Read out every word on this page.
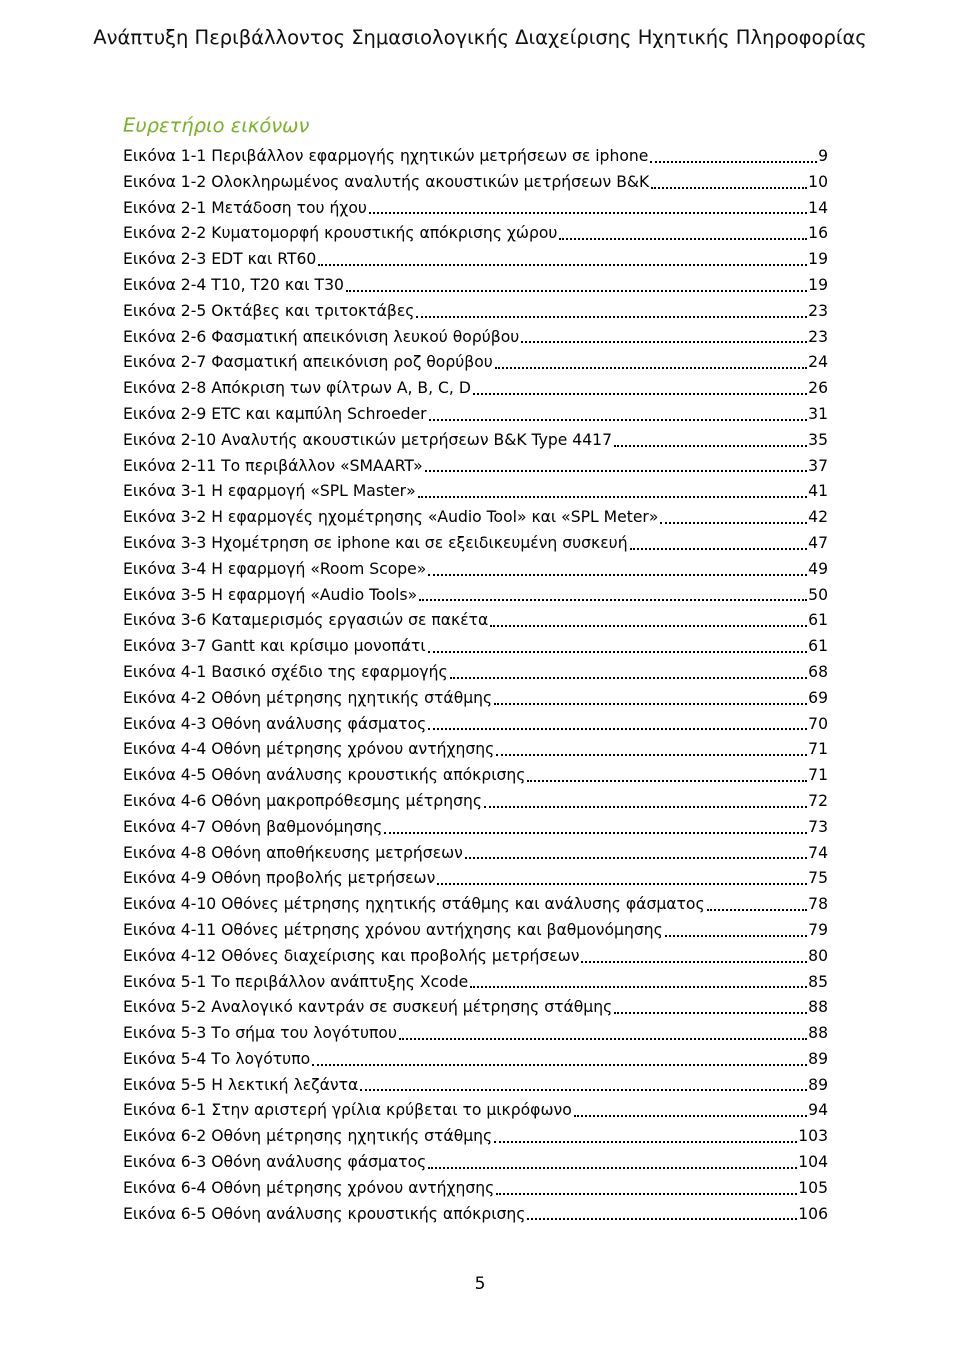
Ανάπτυξη Περιβάλλοντος Σημασιολογικής Διαχείρισης Ηχητικής Πληροφορίας
Ευρετήριο εικόνων
Εικόνα 1-1 Περιβάλλον εφαρμογής ηχητικών μετρήσεων σε iphone	9
Εικόνα 1-2 Ολοκληρωμένος αναλυτής ακουστικών μετρήσεων B&K	10
Εικόνα 2-1 Μετάδοση του ήχου	14
Εικόνα 2-2 Κυματομορφή κρουστικής απόκρισης χώρου	16
Εικόνα 2-3 EDT και RT60	19
Εικόνα 2-4 T10, T20 και T30	19
Εικόνα 2-5 Οκτάβες και τριτοκτάβες	23
Εικόνα 2-6 Φασματική απεικόνιση λευκού θορύβου	23
Εικόνα 2-7 Φασματική απεικόνιση ροζ θορύβου	24
Εικόνα 2-8 Απόκριση των φίλτρων A, B, C, D	26
Εικόνα 2-9 ETC και καμπύλη Schroeder	31
Εικόνα 2-10 Αναλυτής ακουστικών μετρήσεων B&K Type 4417	35
Εικόνα 2-11 Το περιβάλλον «SMAART»	37
Εικόνα 3-1 Η εφαρμογή «SPL Master»	41
Εικόνα 3-2 Η εφαρμογές ηχομέτρησης «Audio Tool» και «SPL Meter»	42
Εικόνα 3-3 Ηχομέτρηση σε iphone και σε εξειδικευμένη συσκευή	47
Εικόνα 3-4 Η εφαρμογή «Room Scope»	49
Εικόνα 3-5 Η εφαρμογή «Audio Tools»	50
Εικόνα 3-6 Καταμερισμός εργασιών σε πακέτα	61
Εικόνα 3-7 Gantt και κρίσιμο μονοπάτι	61
Εικόνα 4-1 Βασικό σχέδιο της εφαρμογής	68
Εικόνα 4-2 Οθόνη μέτρησης ηχητικής στάθμης	69
Εικόνα 4-3 Οθόνη ανάλυσης φάσματος	70
Εικόνα 4-4 Οθόνη μέτρησης χρόνου αντήχησης	71
Εικόνα 4-5 Οθόνη ανάλυσης κρουστικής απόκρισης	71
Εικόνα 4-6 Οθόνη μακροπρόθεσμης μέτρησης	72
Εικόνα 4-7 Οθόνη βαθμονόμησης	73
Εικόνα 4-8 Οθόνη αποθήκευσης μετρήσεων	74
Εικόνα 4-9 Οθόνη προβολής μετρήσεων	75
Εικόνα 4-10 Οθόνες μέτρησης ηχητικής στάθμης και ανάλυσης φάσματος	78
Εικόνα 4-11 Οθόνες μέτρησης χρόνου αντήχησης και βαθμονόμησης	79
Εικόνα 4-12 Οθόνες διαχείρισης και προβολής μετρήσεων	80
Εικόνα 5-1 Το περιβάλλον ανάπτυξης Xcode	85
Εικόνα 5-2 Αναλογικό καντράν σε συσκευή μέτρησης στάθμης	88
Εικόνα 5-3 Το σήμα του λογότυπου	88
Εικόνα 5-4 Το λογότυπο	89
Εικόνα 5-5 Η λεκτική λεζάντα	89
Εικόνα 6-1 Στην αριστερή γρίλια κρύβεται το μικρόφωνο	94
Εικόνα 6-2 Οθόνη μέτρησης ηχητικής στάθμης	103
Εικόνα 6-3 Οθόνη ανάλυσης φάσματος	104
Εικόνα 6-4 Οθόνη μέτρησης χρόνου αντήχησης	105
Εικόνα 6-5 Οθόνη ανάλυσης κρουστικής απόκρισης	106
5
